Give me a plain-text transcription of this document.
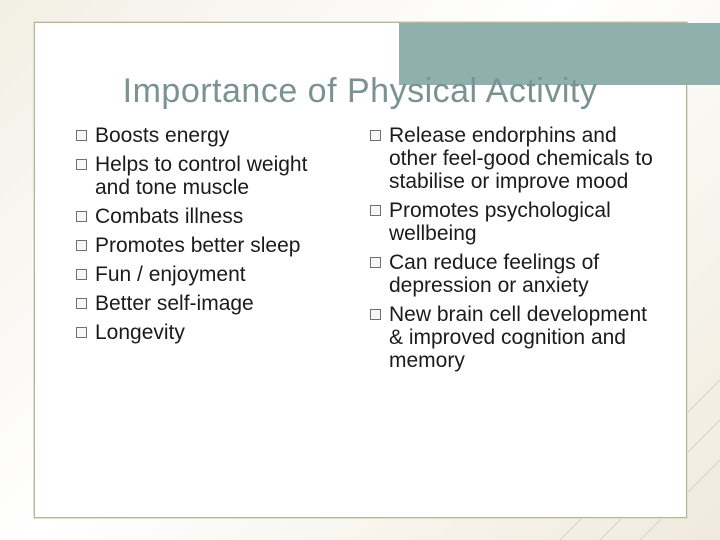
Importance of Physical Activity
Boosts energy
Helps to control weight and tone muscle
Combats illness
Promotes better sleep
Fun / enjoyment
Better self-image
Longevity
Release endorphins and other feel-good chemicals to stabilise or improve mood
Promotes psychological wellbeing
Can reduce feelings of depression or anxiety
New brain cell development & improved cognition and memory
